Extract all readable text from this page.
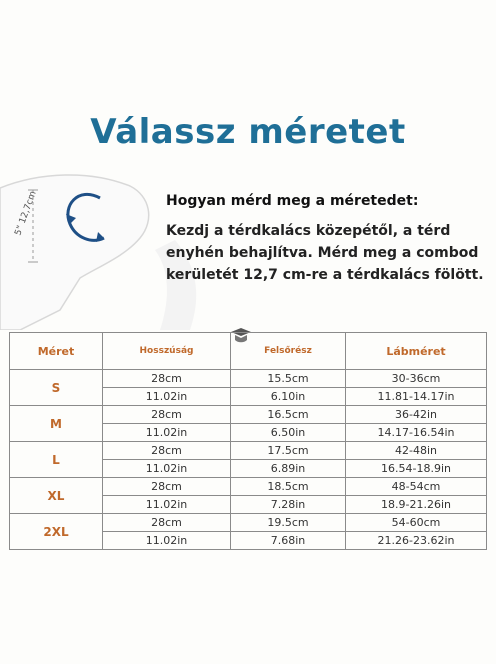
Válassz méretet
5" 12,7cm	Hogyan mérd meg a méretedet:
Kezdj a térdkalács közepétől, a térd
enyhén behajlítva. Mérd meg a combod
kerületét 12,7 cm-re a térdkalács fölött.
Méret	Hosszúság	Felsőrész	Lábméret
S	28cm	15.5cm	30-36cm
	11.02in	6.10in	11.81-14.17in
M	28cm	16.5cm	36-42in
	11.02in	6.50in	14.17-16.54in
L	28cm	17.5cm	42-48in
	11.02in	6.89in	16.54-18.9in
XL	28cm	18.5cm	48-54cm
	11.02in	7.28in	18.9-21.26in
2XL	28cm	19.5cm	54-60cm
	11.02in	7.68in	21.26-23.62in
